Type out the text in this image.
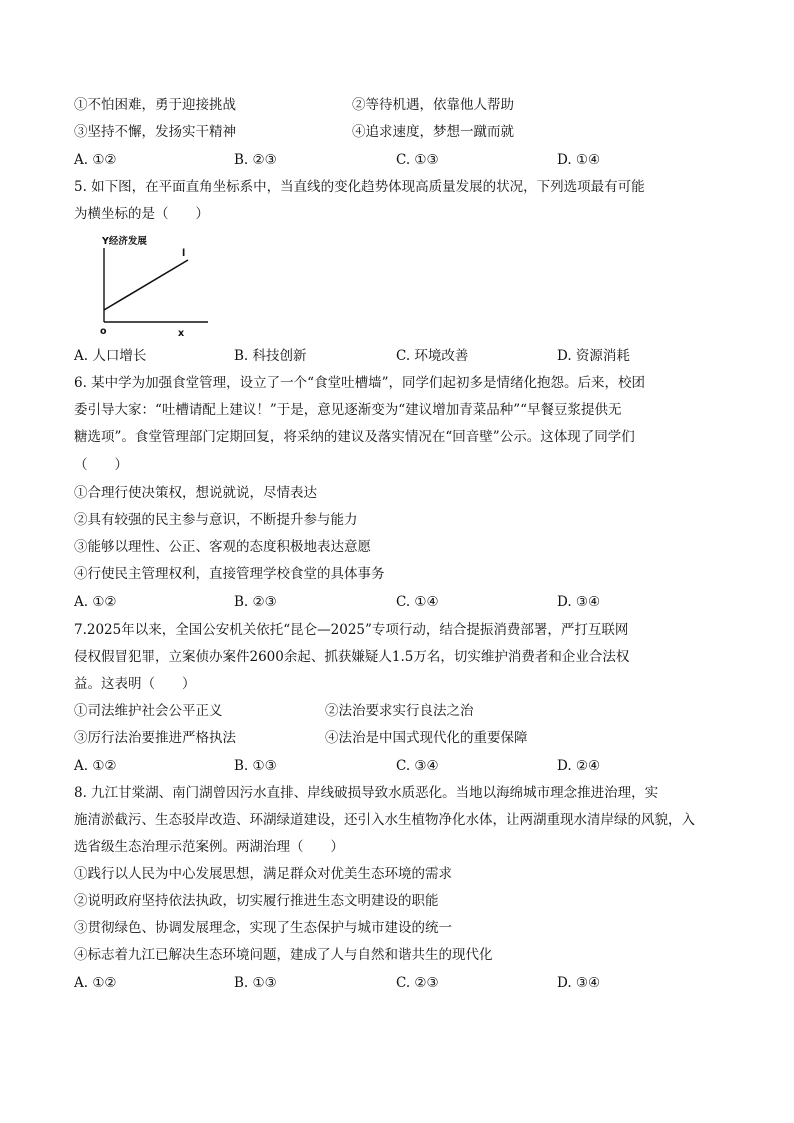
①不怕困难，勇于迎接挑战	②等待机遇，依靠他人帮助
③坚持不懈，发扬实干精神	④追求速度，梦想一蹴而就
A. ①②	B. ②③	C. ①③	D. ①④
5. 如下图，在平面直角坐标系中，当直线的变化趋势体现高质量发展的状况，下列选项最有可能
为横坐标的是（　　）
Y经济发展
l
o	x
A. 人口增长	B. 科技创新	C. 环境改善	D. 资源消耗
6. 某中学为加强食堂管理，设立了一个“食堂吐槽墙”，同学们起初多是情绪化抱怨。后来，校团
委引导大家：“吐槽请配上建议！”于是，意见逐渐变为“建议增加青菜品种”“早餐豆浆提供无
糖选项”。食堂管理部门定期回复，将采纳的建议及落实情况在“回音壁”公示。这体现了同学们
（　　）
①合理行使决策权，想说就说，尽情表达
②具有较强的民主参与意识，不断提升参与能力
③能够以理性、公正、客观的态度积极地表达意愿
④行使民主管理权利，直接管理学校食堂的具体事务
A. ①②	B. ②③	C. ①④	D. ③④
7.2025年以来，全国公安机关依托“昆仑—2025”专项行动，结合提振消费部署，严打互联网
侵权假冒犯罪，立案侦办案件2600余起、抓获嫌疑人1.5万名，切实维护消费者和企业合法权
益。这表明（　　）
①司法维护社会公平正义	②法治要求实行良法之治
③厉行法治要推进严格执法	④法治是中国式现代化的重要保障
A. ①②	B. ①③	C. ③④	D. ②④
8. 九江甘棠湖、南门湖曾因污水直排、岸线破损导致水质恶化。当地以海绵城市理念推进治理，实
施清淤截污、生态驳岸改造、环湖绿道建设，还引入水生植物净化水体，让两湖重现水清岸绿的风貌，入
选省级生态治理示范案例。两湖治理（　　）
①践行以人民为中心发展思想，满足群众对优美生态环境的需求
②说明政府坚持依法执政，切实履行推进生态文明建设的职能
③贯彻绿色、协调发展理念，实现了生态保护与城市建设的统一
④标志着九江已解决生态环境问题，建成了人与自然和谐共生的现代化
A. ①②	B. ①③	C. ②③	D. ③④
